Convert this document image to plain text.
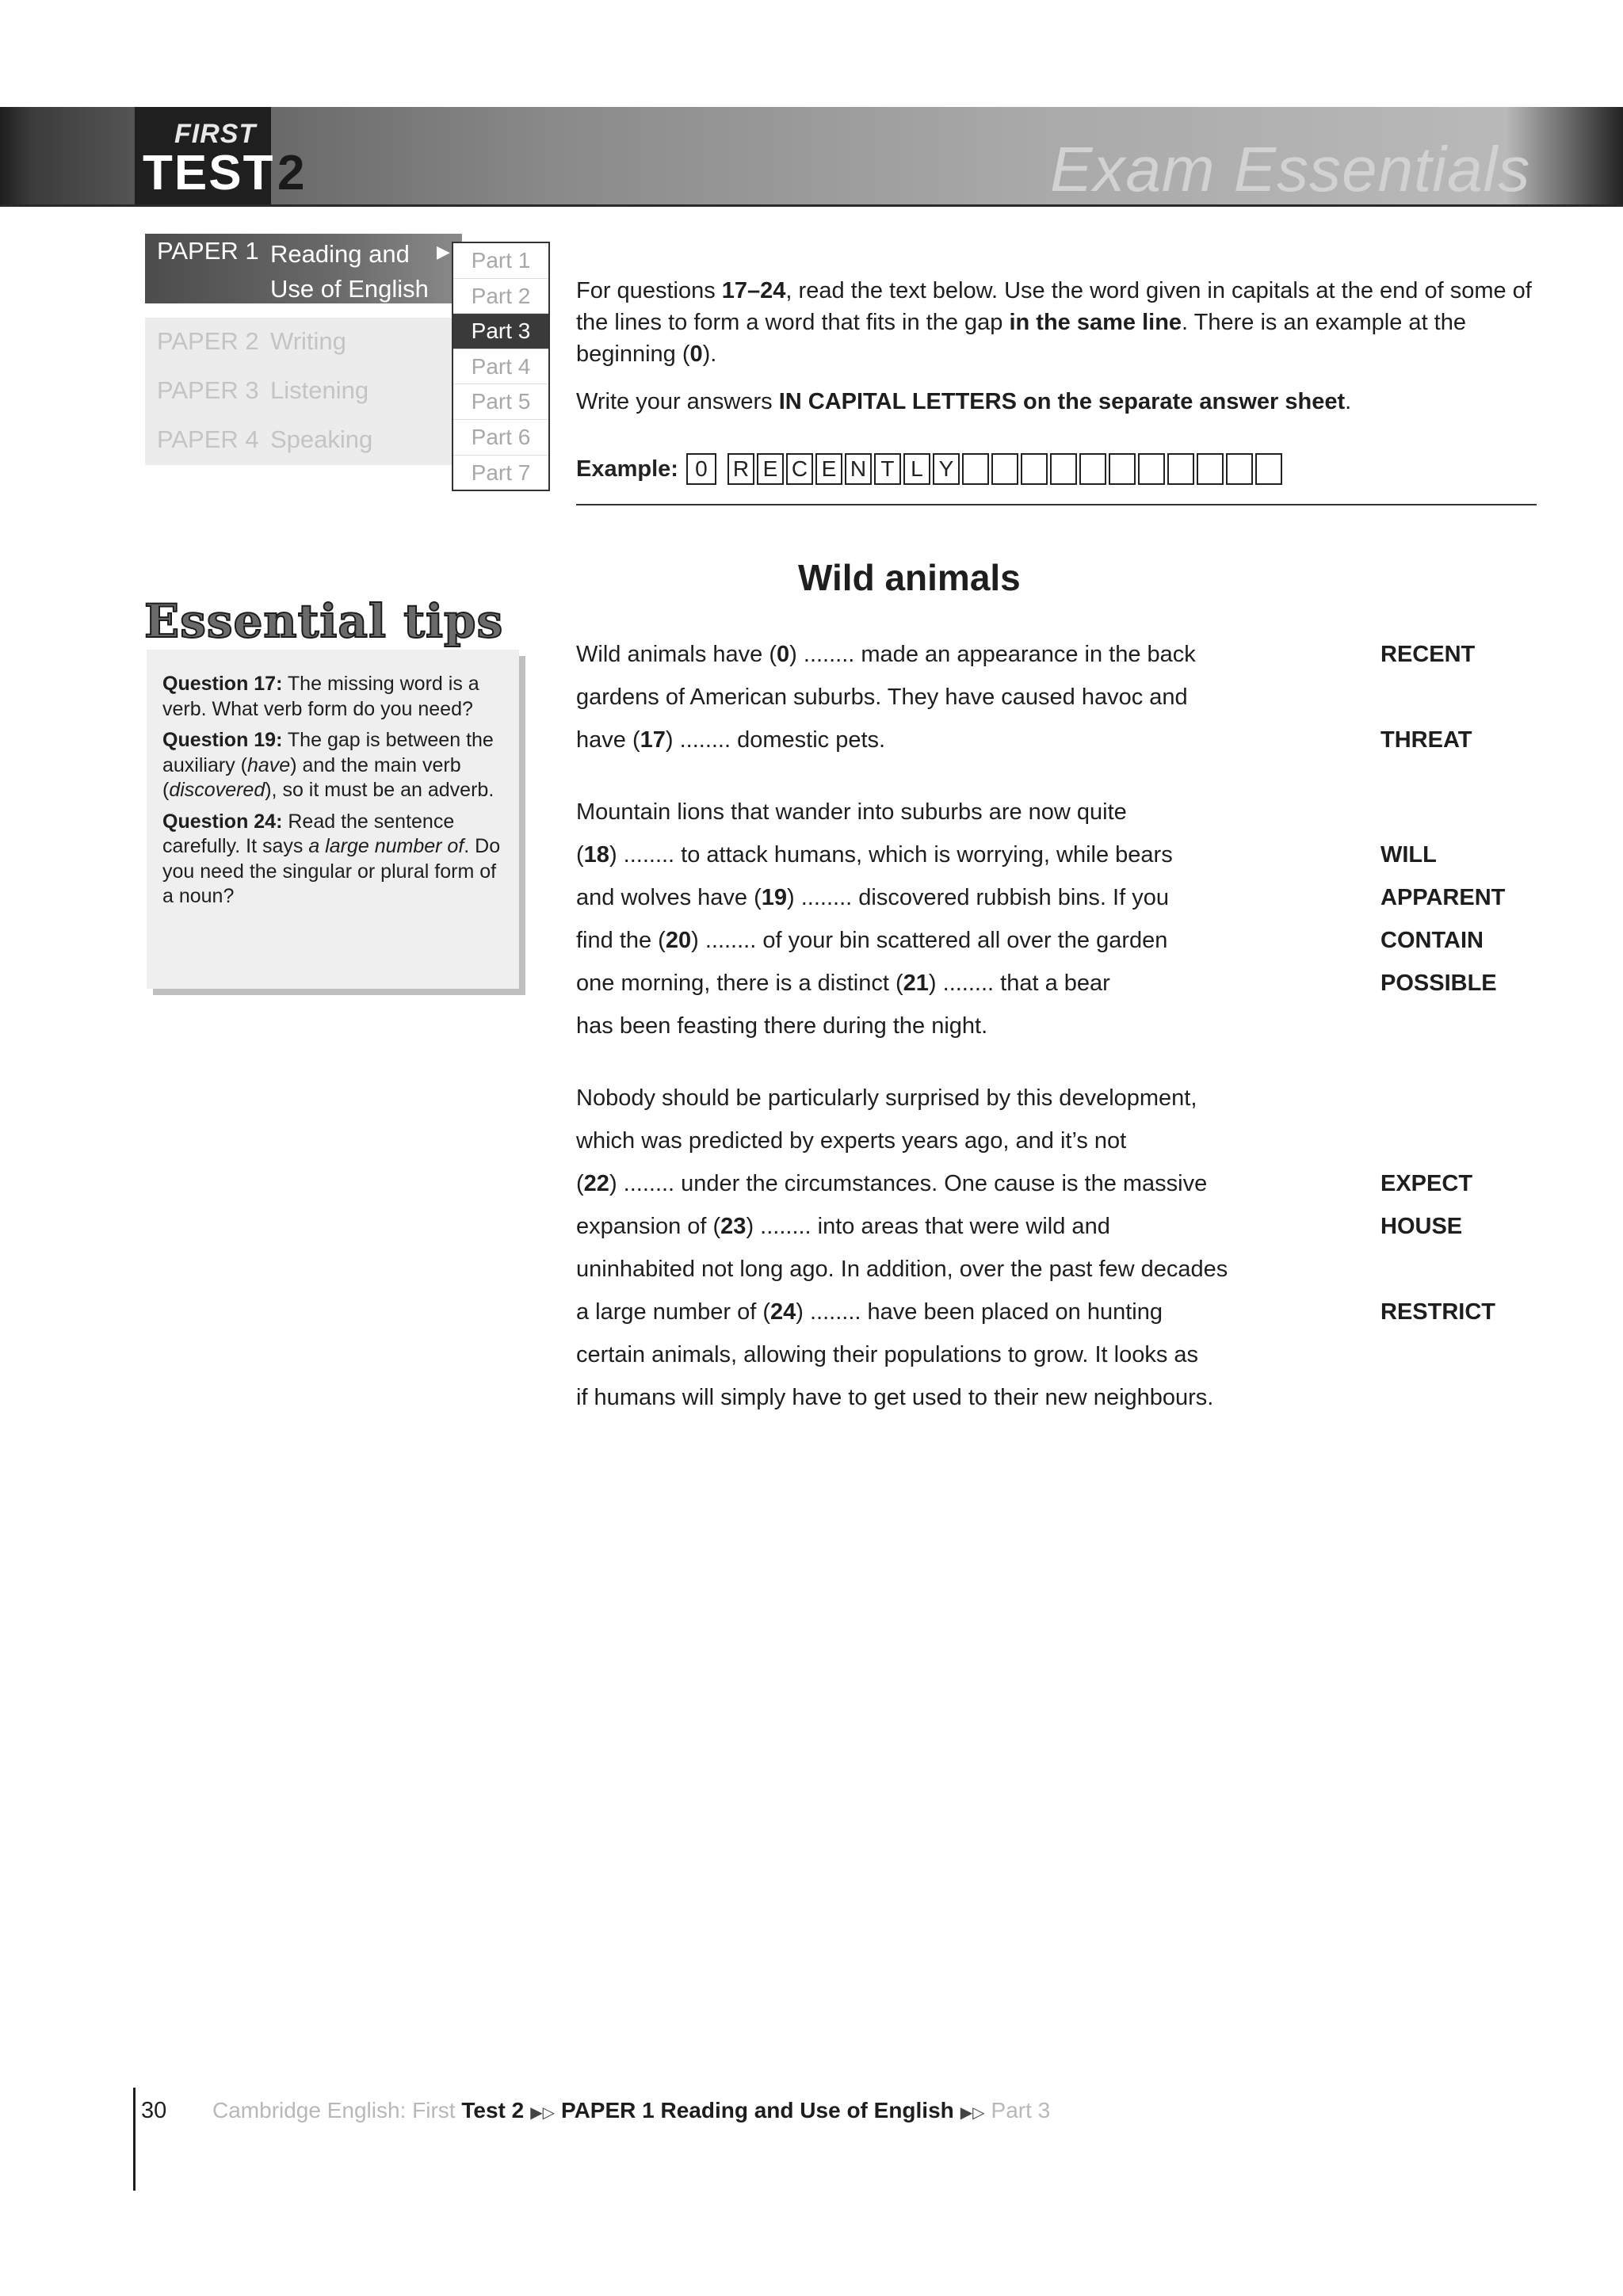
FIRST
TEST 2	Exam Essentials
PAPER 1 Reading and
Use of English
▶
PAPER 2 Writing
PAPER 3 Listening
PAPER 4 Speaking
Part 1
Part 2
Part 3
Part 4
Part 5
Part 6
Part 7
Essential tips
Question 17: The missing word is a verb. What verb form do you need?
Question 19: The gap is between the auxiliary (have) and the main verb (discovered), so it must be an adverb.
Question 24: Read the sentence carefully. It says a large number of. Do you need the singular or plural form of a noun?
For questions 17–24, read the text below. Use the word given in capitals at the end of some of the lines to form a word that fits in the gap in the same line. There is an example at the beginning (0).
Write your answers IN CAPITAL LETTERS on the separate answer sheet.
Example: 0	R E C E N T L Y
Wild animals
Wild animals have (0) ........ made an appearance in the back
gardens of American suburbs. They have caused havoc and
have (17) ........ domestic pets.
Mountain lions that wander into suburbs are now quite
(18) ........ to attack humans, which is worrying, while bears
and wolves have (19) ........ discovered rubbish bins. If you
find the (20) ........ of your bin scattered all over the garden
one morning, there is a distinct (21) ........ that a bear
has been feasting there during the night.
Nobody should be particularly surprised by this development,
which was predicted by experts years ago, and it’s not
(22) ........ under the circumstances. One cause is the massive
expansion of (23) ........ into areas that were wild and
uninhabited not long ago. In addition, over the past few decades
a large number of (24) ........ have been placed on hunting
certain animals, allowing their populations to grow. It looks as
if humans will simply have to get used to their new neighbours.
RECENT
THREAT
WILL
APPARENT
CONTAIN
POSSIBLE
EXPECT
HOUSE
RESTRICT
30 Cambridge English: First Test 2 ▶▷ PAPER 1 Reading and Use of English ▶▷ Part 3
